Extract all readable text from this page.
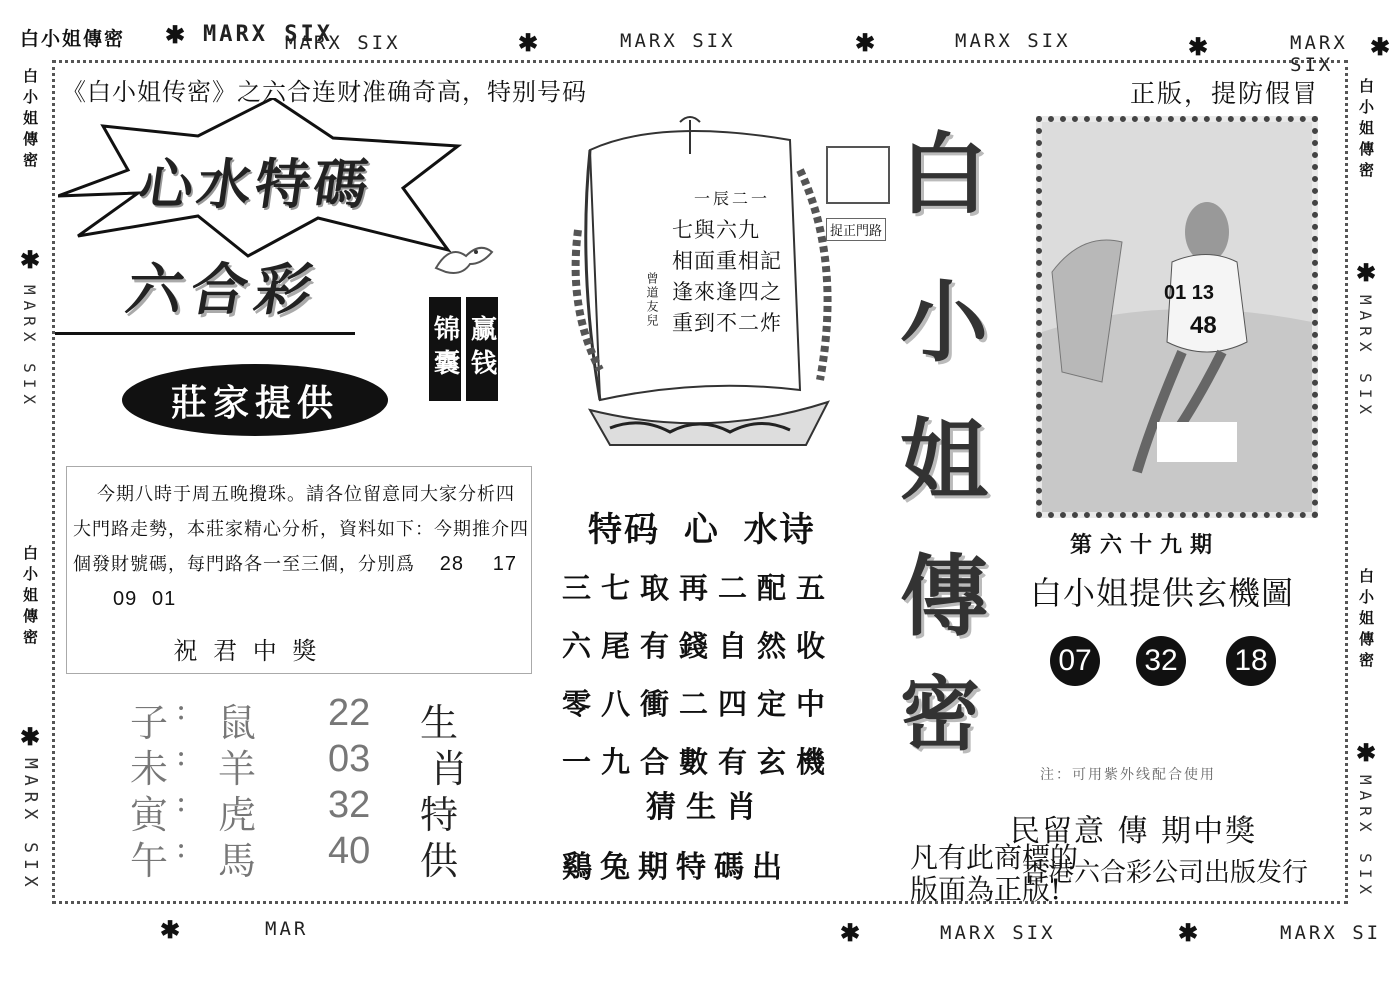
白小姐傳密 ✱ MARX SIX
MARX SIX	✱	MARX SIX	✱	MARX SIX	✱	MARX SIX
✱
白小姐傳密
✱
MARX SIX
白小姐傳密
✱
MARX SIX
白小姐傳密
✱
MARX SIX
白小姐傳密
✱
MARX SIX
✱	MAR	✱	MARX SIX	✱	MARX SI
《白小姐传密》之六合连财准确奇高，特别号码	正版，提防假冒
心水特碼
六合彩
莊家提供
锦囊 赢钱
今期八時于周五晚攪珠。請各位留意同大家分析四大門路走勢，本莊家精心分析，資料如下：今期推介四個發財號碼，每門路各一至三個，分別爲 28 17 09 01
祝 君 中 獎
子 : 鼠 22 生
未 : 羊 03 肖
寅 : 虎 32 特
午 : 馬 40 供
一辰二一
七與六九
相面重相記
逢來逢四之
重到不二炸
曾道友兒
捉正門路
特码 心 水诗
三七取再二配五
六尾有錢自然收
零八衝二四定中
一九合數有玄機
猜生肖
鷄兔期特碼出
白
小
姐
傳
密
01 13
48
第六十九期
白小姐提供玄機圖
07 32 18
注：可用紫外线配合使用
民留意 傳 期中獎
凡有此商標的
香港六合彩公司出版发行
版面為正版!
